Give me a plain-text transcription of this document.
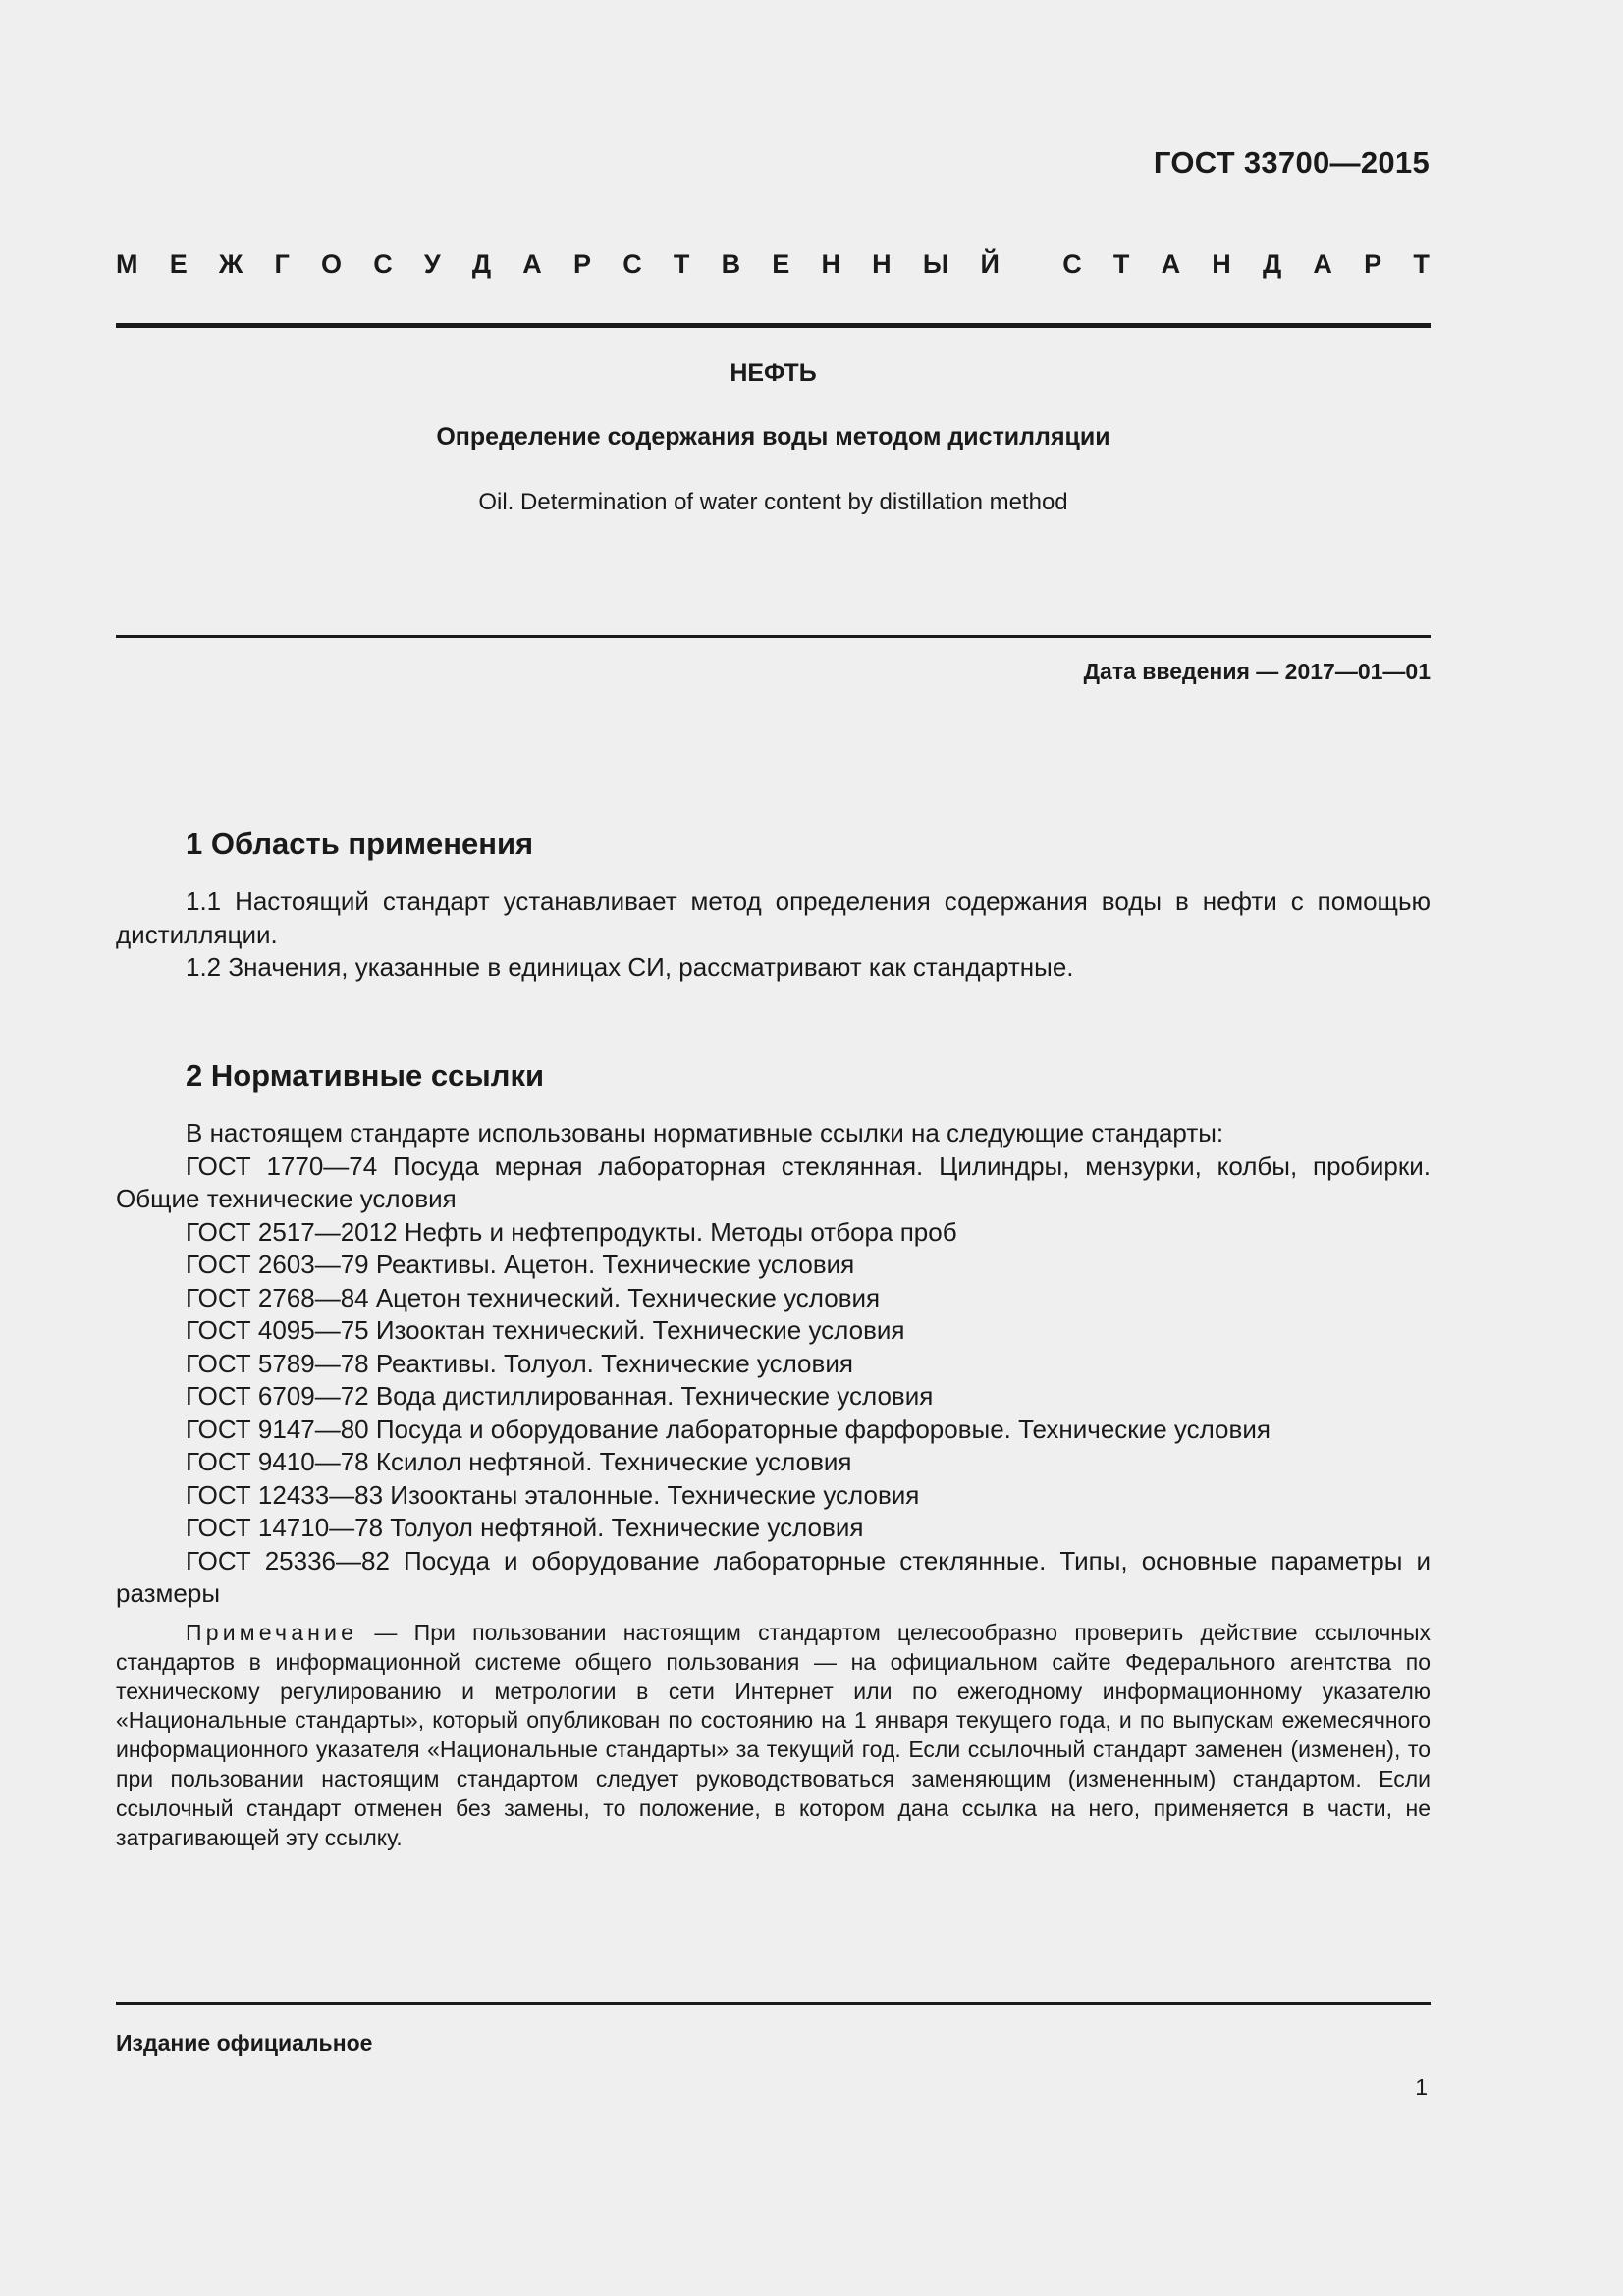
ГОСТ 33700—2015
М Е Ж Г О С У Д А Р С Т В Е Н Н Ы Й С Т А Н Д А Р Т
НЕФТЬ
Определение содержания воды методом дистилляции
Oil. Determination of water content by distillation method
Дата введения — 2017—01—01
1 Область применения

1.1 Настоящий стандарт устанавливает метод определения содержания воды в нефти с помощью дистилляции.

1.2 Значения, указанные в единицах СИ, рассматривают как стандартные.

2 Нормативные ссылки

В настоящем стандарте использованы нормативные ссылки на следующие стандарты:

ГОСТ 1770—74 Посуда мерная лабораторная стеклянная. Цилиндры, мензурки, колбы, пробирки. Общие технические условия

ГОСТ 2517—2012 Нефть и нефтепродукты. Методы отбора проб

ГОСТ 2603—79 Реактивы. Ацетон. Технические условия

ГОСТ 2768—84 Ацетон технический. Технические условия

ГОСТ 4095—75 Изооктан технический. Технические условия

ГОСТ 5789—78 Реактивы. Толуол. Технические условия

ГОСТ 6709—72 Вода дистиллированная. Технические условия

ГОСТ 9147—80 Посуда и оборудование лабораторные фарфоровые. Технические условия

ГОСТ 9410—78 Ксилол нефтяной. Технические условия

ГОСТ 12433—83 Изооктаны эталонные. Технические условия

ГОСТ 14710—78 Толуол нефтяной. Технические условия

ГОСТ 25336—82 Посуда и оборудование лабораторные стеклянные. Типы, основные параметры и размеры

Примечание — При пользовании настоящим стандартом целесообразно проверить действие ссылочных стандартов в информационной системе общего пользования — на официальном сайте Федерального агентства по техническому регулированию и метрологии в сети Интернет или по ежегодному информационному указателю «Национальные стандарты», который опубликован по состоянию на 1 января текущего года, и по выпускам ежемесячного информационного указателя «Национальные стандарты» за текущий год. Если ссылочный стандарт заменен (изменен), то при пользовании настоящим стандартом следует руководствоваться заменяющим (измененным) стандартом. Если ссылочный стандарт отменен без замены, то положение, в котором дана ссылка на него, применяется в части, не затрагивающей эту ссылку.

Издание официальное
1
